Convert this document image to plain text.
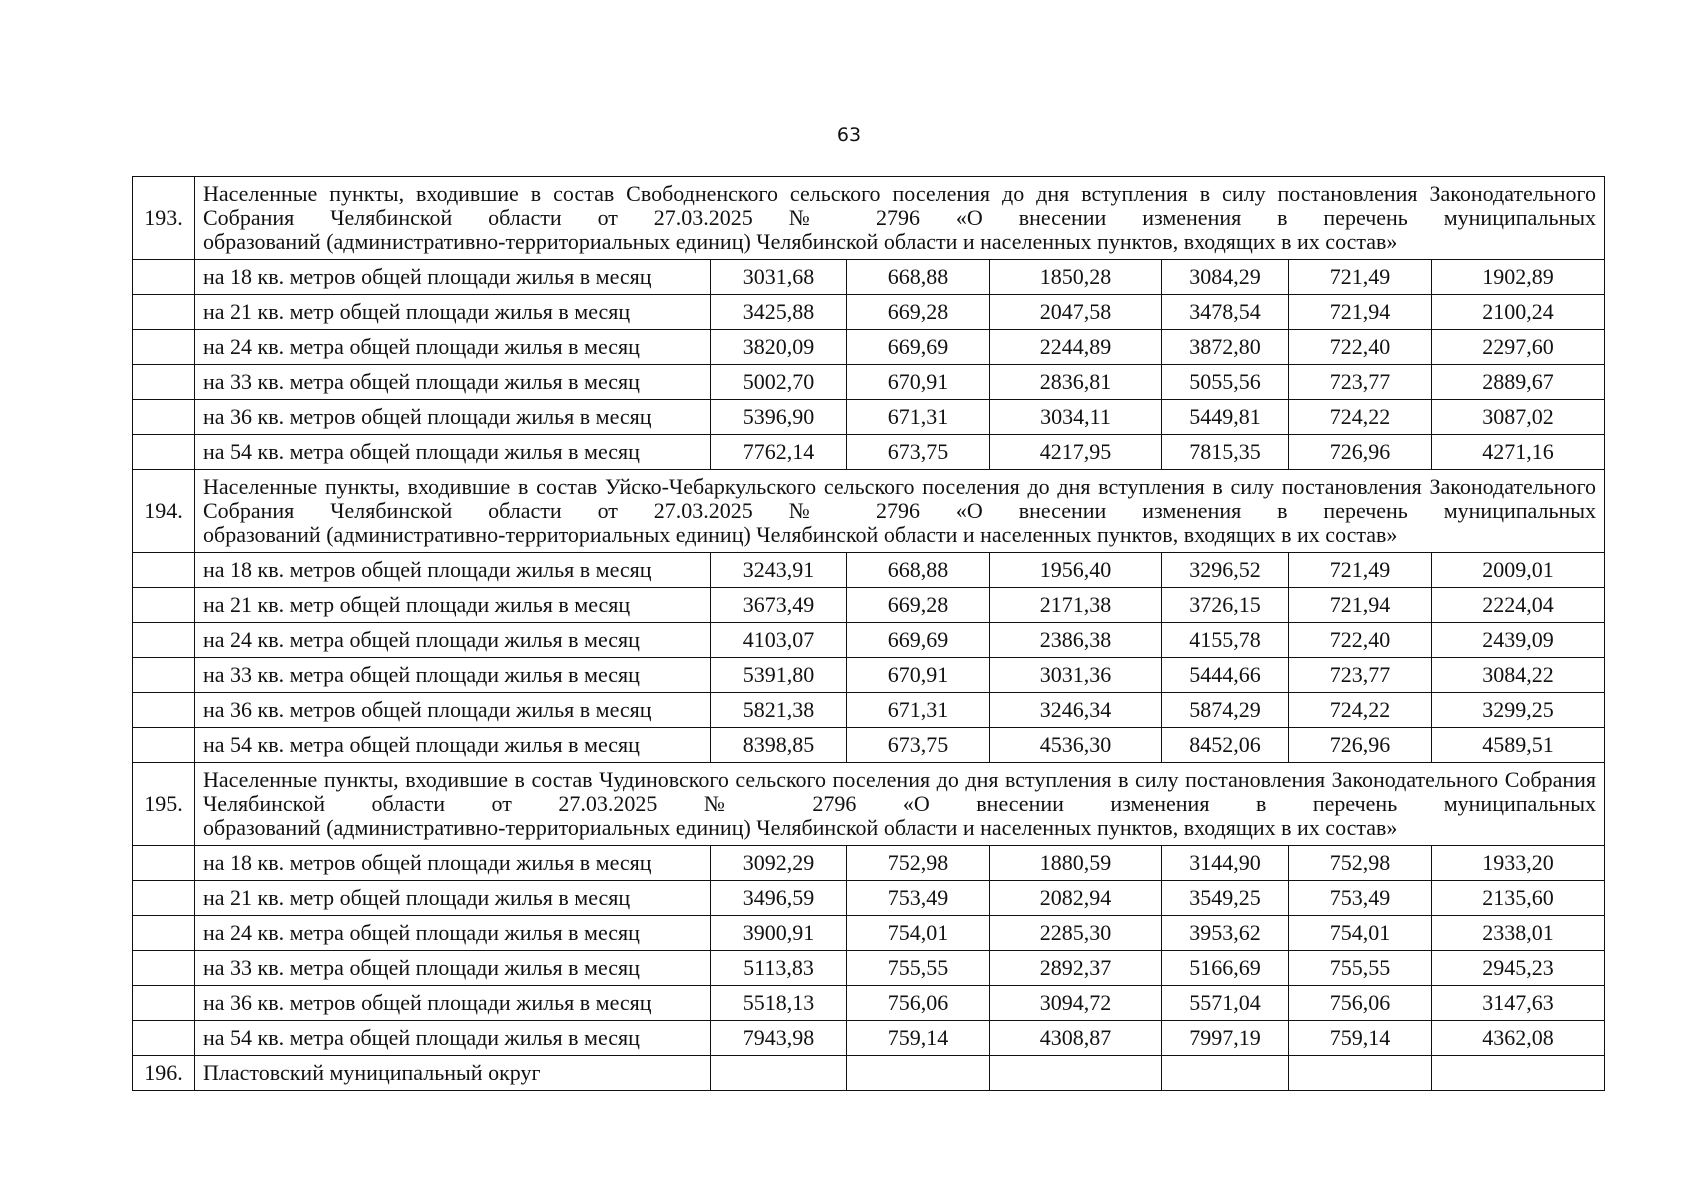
63
193.	Населенные пункты, входившие в состав Свободненского сельского поселения до дня вступления в силу постановления Законодательного Собрания Челябинской области от 27.03.2025 № 2796 «О внесении изменения в перечень муниципальных
образований (административно-территориальных единиц) Челябинской области и населенных пунктов, входящих в их состав»						

	на 18 кв. метров общей площади жилья в месяц	3031,68	668,88	1850,28	3084,29	721,49	1902,89
	на 21 кв. метр общей площади жилья в месяц	3425,88	669,28	2047,58	3478,54	721,94	2100,24
	на 24 кв. метра общей площади жилья в месяц	3820,09	669,69	2244,89	3872,80	722,40	2297,60
	на 33 кв. метра общей площади жилья в месяц	5002,70	670,91	2836,81	5055,56	723,77	2889,67
	на 36 кв. метров общей площади жилья в месяц	5396,90	671,31	3034,11	5449,81	724,22	3087,02
	на 54 кв. метра общей площади жилья в месяц	7762,14	673,75	4217,95	7815,35	726,96	4271,16
194.	Населенные пункты, входившие в состав Уйско-Чебаркульского сельского поселения до дня вступления в силу постановления Законодательного Собрания Челябинской области от 27.03.2025 № 2796 «О внесении изменения в перечень муниципальных
образований (административно-территориальных единиц) Челябинской области и населенных пунктов, входящих в их состав»						

	на 18 кв. метров общей площади жилья в месяц	3243,91	668,88	1956,40	3296,52	721,49	2009,01
	на 21 кв. метр общей площади жилья в месяц	3673,49	669,28	2171,38	3726,15	721,94	2224,04
	на 24 кв. метра общей площади жилья в месяц	4103,07	669,69	2386,38	4155,78	722,40	2439,09
	на 33 кв. метра общей площади жилья в месяц	5391,80	670,91	3031,36	5444,66	723,77	3084,22
	на 36 кв. метров общей площади жилья в месяц	5821,38	671,31	3246,34	5874,29	724,22	3299,25
	на 54 кв. метра общей площади жилья в месяц	8398,85	673,75	4536,30	8452,06	726,96	4589,51
195.	Населенные пункты, входившие в состав Чудиновского сельского поселения до дня вступления в силу постановления Законодательного Собрания Челябинской области от 27.03.2025 № 2796 «О внесении изменения в перечень муниципальных
образований (административно-территориальных единиц) Челябинской области и населенных пунктов, входящих в их состав»						

	на 18 кв. метров общей площади жилья в месяц	3092,29	752,98	1880,59	3144,90	752,98	1933,20
	на 21 кв. метр общей площади жилья в месяц	3496,59	753,49	2082,94	3549,25	753,49	2135,60
	на 24 кв. метра общей площади жилья в месяц	3900,91	754,01	2285,30	3953,62	754,01	2338,01
	на 33 кв. метра общей площади жилья в месяц	5113,83	755,55	2892,37	5166,69	755,55	2945,23
	на 36 кв. метров общей площади жилья в месяц	5518,13	756,06	3094,72	5571,04	756,06	3147,63
	на 54 кв. метра общей площади жилья в месяц	7943,98	759,14	4308,87	7997,19	759,14	4362,08
196.	Пластовский муниципальный округ						
